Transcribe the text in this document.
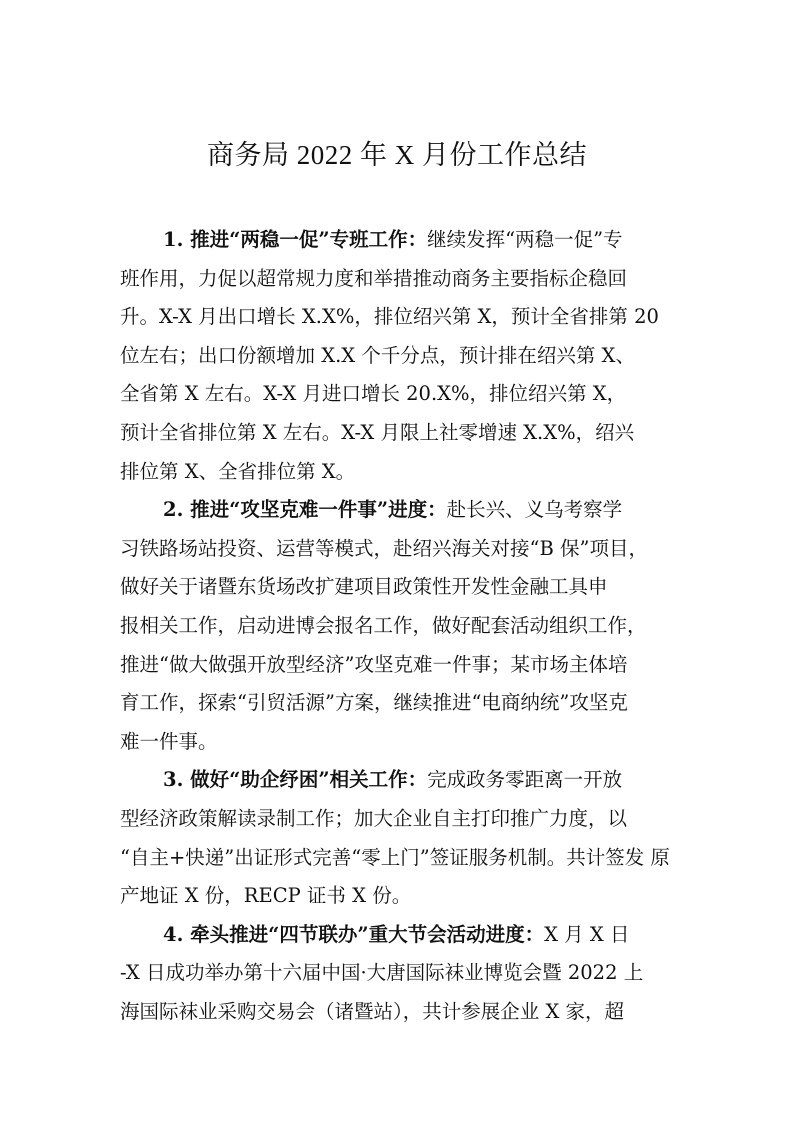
商务局 2022 年 X 月份工作总结
1. 推进“两稳一促”专班工作：继续发挥“两稳一促”专
班作用，力促以超常规力度和举措推动商务主要指标企稳回
升。X-X 月出口增长 X.X%，排位绍兴第 X，预计全省排第 20
位左右；出口份额增加 X.X 个千分点，预计排在绍兴第 X、
全省第 X 左右。X-X 月进口增长 20.X%，排位绍兴第 X，
预计全省排位第 X 左右。X-X 月限上社零增速 X.X%，绍兴
排位第 X、全省排位第 X。
2. 推进“攻坚克难一件事”进度：赴长兴、义乌考察学
习铁路场站投资、运营等模式，赴绍兴海关对接“B 保”项目，
做好关于诸暨东货场改扩建项目政策性开发性金融工具申
报相关工作，启动进博会报名工作，做好配套活动组织工作，
推进“做大做强开放型经济”攻坚克难一件事；某市场主体培
育工作，探索“引贸活源”方案，继续推进“电商纳统”攻坚克
难一件事。
3. 做好“助企纾困”相关工作：完成政务零距离一开放
型经济政策解读录制工作；加大企业自主打印推广力度，以
“自主+快递”出证形式完善“零上门”签证服务机制。共计签发 原
产地证 X 份，RECP 证书 X 份。
4. 牵头推进“四节联办”重大节会活动进度：X 月 X 日
-X 日成功举办第十六届中国·大唐国际袜业博览会暨 2022 上
海国际袜业采购交易会（诸暨站），共计参展企业 X 家，超
